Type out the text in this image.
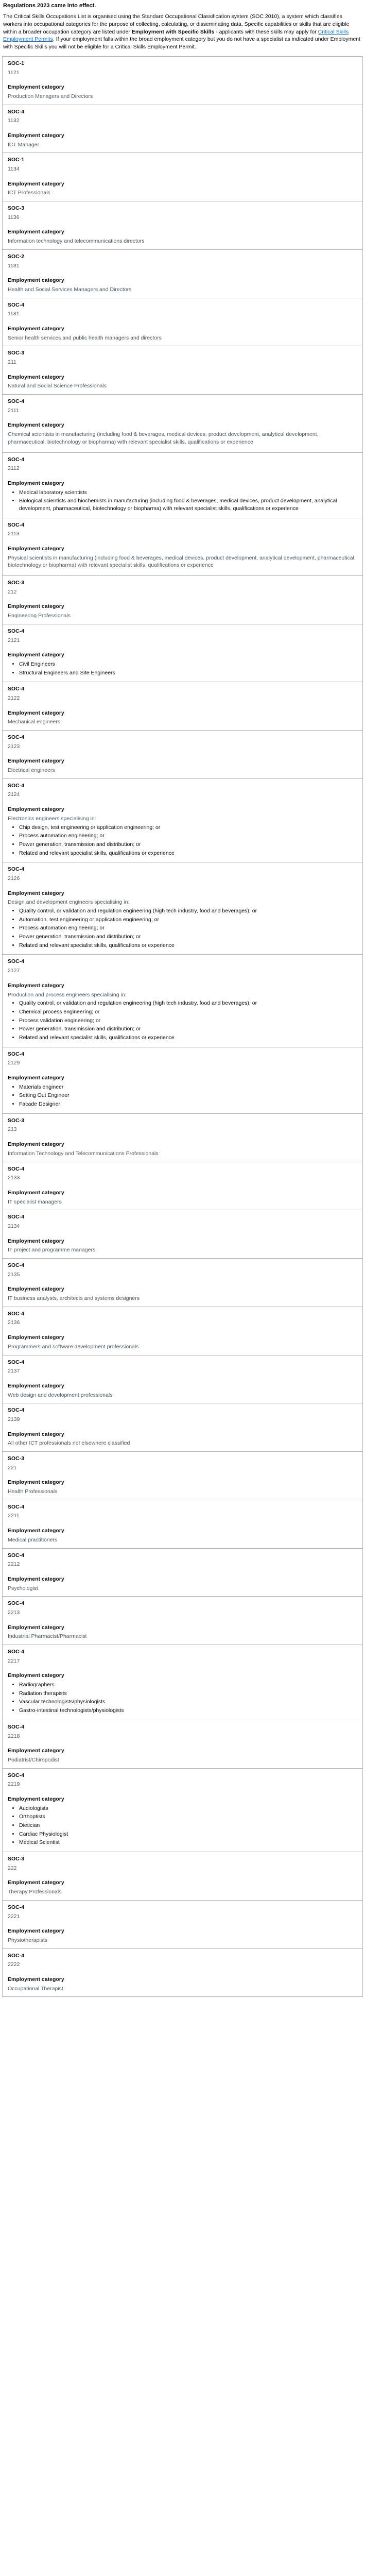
Regulations 2023 came into effect.

The Critical Skills Occupations List is organised using the Standard Occupational Classification system (SOC 2010), a system which classifies workers into occupational categories for the purpose of collecting, calculating, or disseminating data. Specific capabilities or skills that are eligible within a broader occupation category are listed under Employment with Specific Skills - applicants with these skills may apply for Critical Skills Employment Permits. If your employment falls within the broad employment category but you do not have a specialist as indicated under Employment with Specific Skills you will not be eligible for a Critical Skills Employment Permit.

SOC-1
1121
Employment category
Production Managers and Directors
SOC-4
1132
Employment category
ICT Manager
SOC-1
1134
Employment category
ICT Professionals
SOC-3
1136
Employment category
Information technology and telecommunications directors
SOC-2
1181
Employment category
Health and Social Services Managers and Directors
SOC-4
1181
Employment category
Senior health services and public health managers and directors
SOC-3
211
Employment category
Natural and Social Science Professionals
SOC-4
2111
Employment category

Chemical scientists in manufacturing (including food & beverages, medical devices, product development, analytical development, pharmaceutical, biotechnology or biopharma) with relevant specialist skills, qualifications or experience

SOC-4
2112
Employment category
• Medical laboratory scientists
• Biological scientists and biochemists in manufacturing (including food & beverages, medical devices, product development, analytical development, pharmaceutical, biotechnology or biopharma) with relevant specialist skills, qualifications or experience
SOC-4
2113
Employment category

Physical scientists in manufacturing (including food & beverages, medical devices, product development, analytical development, pharmaceutical, biotechnology or biopharma) with relevant specialist skills, qualifications or experience

SOC-3
212
Employment category
Engineering Professionals
SOC-4
2121
Employment category
• Civil Engineers
• Structural Engineers and Site Engineers
SOC-4
2122
Employment category
Mechanical engineers
SOC-4
2123
Employment category
Electrical engineers
SOC-4
2124
Employment category
Electronics engineers specialising in:
• Chip design, test engineering or application engineering; or
• Process automation engineering; or
• Power generation, transmission and distribution; or
• Related and relevant specialist skills, qualifications or experience
SOC-4
2126
Employment category
Design and development engineers specialising in:
• Quality control, or validation and regulation engineering (high tech industry, food and beverages); or
• Automation, test engineering or application engineering; or
• Process automation engineering; or
• Power generation, transmission and distribution; or
• Related and relevant specialist skills, qualifications or experience
SOC-4
2127
Employment category
Production and process engineers specialising in:
• Quality control, or validation and regulation engineering (high tech industry, food and beverages); or
• Chemical process engineering; or
• Process validation engineering; or
• Power generation, transmission and distribution; or
• Related and relevant specialist skills, qualifications or experience
SOC-4
2129
Employment category
• Materials engineer
• Setting Out Engineer
• Facade Designer
SOC-3
213
Employment category
Information Technology and Telecommunications Professionals
SOC-4
2133
Employment category
IT specialist managers
SOC-4
2134
Employment category
IT project and programme managers
SOC-4
2135
Employment category
IT business analysts, architects and systems designers
SOC-4
2136
Employment category
Programmers and software development professionals
SOC-4
2137
Employment category
Web design and development professionals
SOC-4
2139
Employment category
All other ICT professionals not elsewhere classified
SOC-3
221
Employment category
Health Professionals
SOC-4
2211
Employment category
Medical practitioners
SOC-4
2212
Employment category
Psychologist
SOC-4
2213
Employment category
Industrial Pharmacist/Pharmacist
SOC-4
2217
Employment category
• Radiographers
• Radiation therapists
• Vascular technologists/physiologists
• Gastro-intestinal technologists/physiologists
SOC-4
2218
Employment category
Podiatrist/Chiropodist
SOC-4
2219
Employment category
• Audiologists
• Orthoptists
• Dietician
• Cardiac Physiologist
• Medical Scientist
SOC-3
222
Employment category
Therapy Professionals
SOC-4
2221
Employment category
Physiotherapists
SOC-4
2222
Employment category
Occupational Therapist
